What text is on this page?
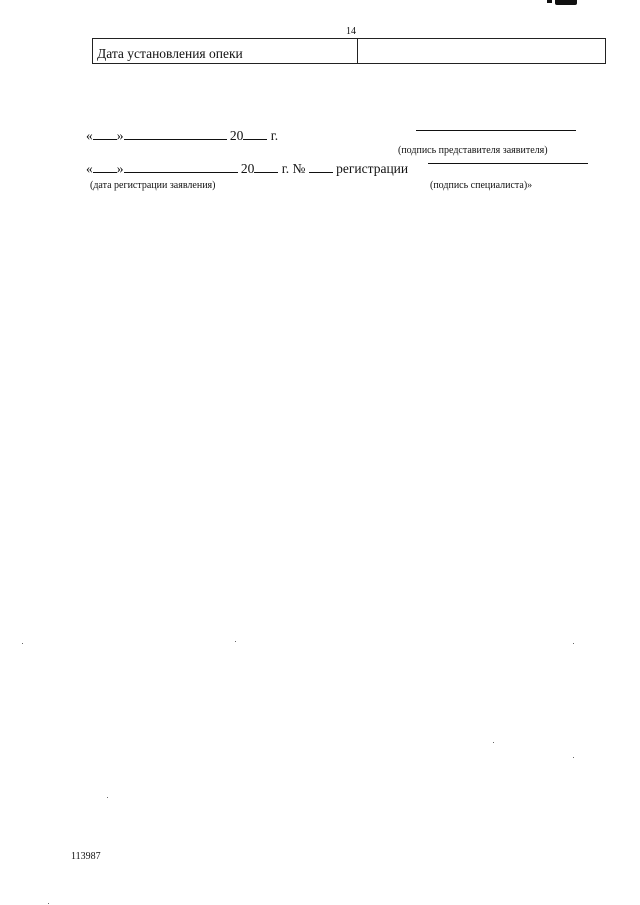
14
Дата установления опеки	
« »	20 г.
(подпись представителя заявителя)
« »	20 г. № регистрации
(дата регистрации заявления)	(подпись специалиста)»
113987
